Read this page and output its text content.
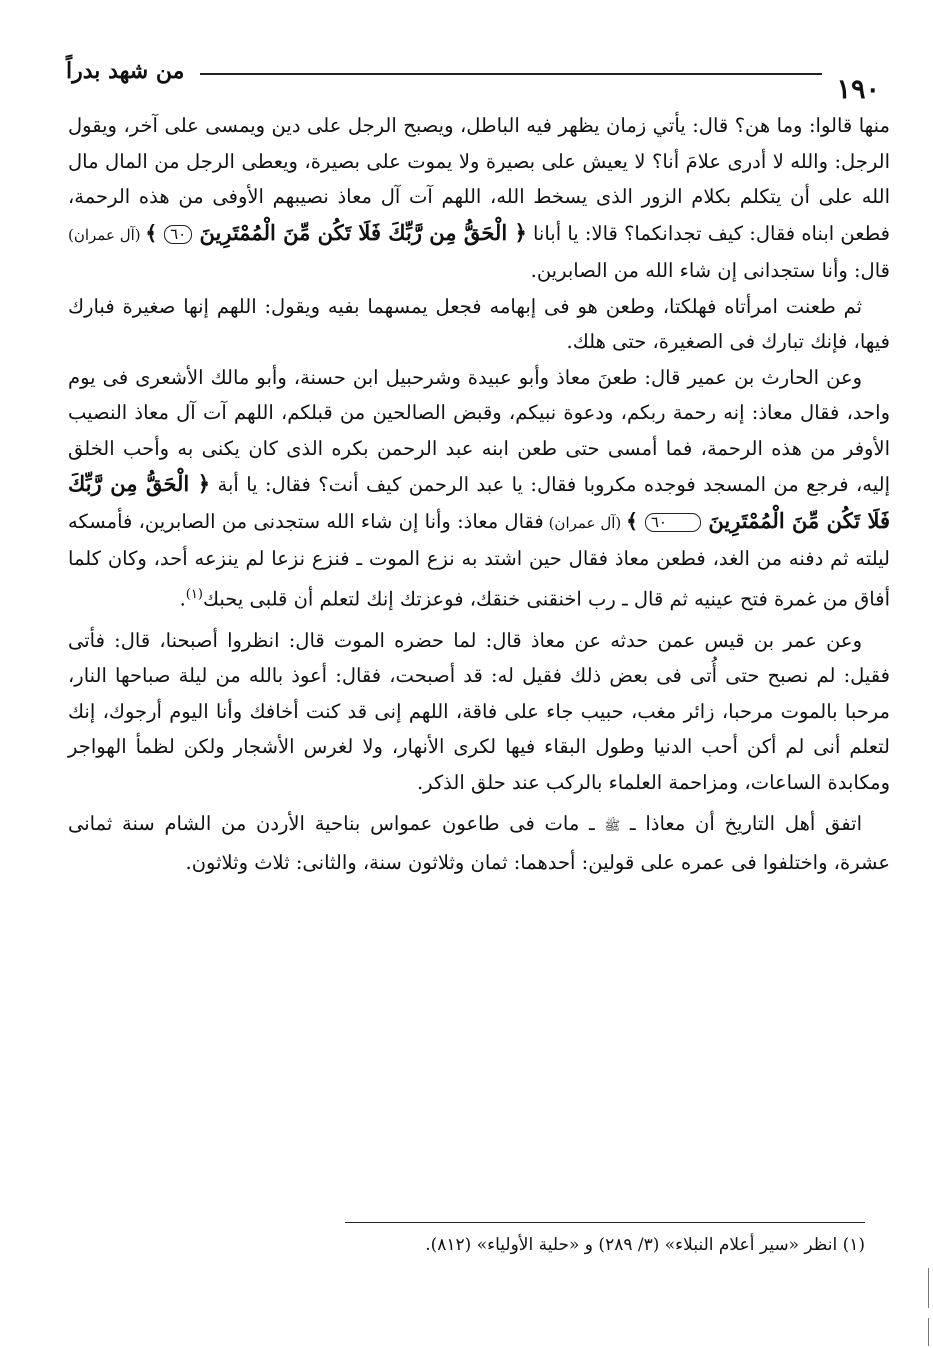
١٩٠
من شهد بدراً

منها قالوا: وما هن؟ قال: يأتي زمان يظهر فيه الباطل، ويصبح الرجل على دين ويمسى على آخر، ويقول الرجل: والله لا أدرى علامَ أنا؟ لا يعيش على بصيرة ولا يموت على بصيرة، ويعطى الرجل من المال مال الله على أن يتكلم بكلام الزور الذى يسخط الله، اللهم آت آل معاذ نصيبهم الأوفى من هذه الرحمة، فطعن ابناه فقال: كيف تجدانكما؟ قالا: يا أبانا ﴿ الْحَقُّ مِن رَّبِّكَ فَلَا تَكُن مِّنَ الْمُمْتَرِينَ ٦٠ ﴾ (آل عمران) قال: وأنا ستجدانى إن شاء الله من الصابرين.

ثم طعنت امرأتاه فهلكتا، وطعن هو فى إبهامه فجعل يمسهما بفيه ويقول: اللهم إنها صغيرة فبارك فيها، فإنك تبارك فى الصغيرة، حتى هلك.

وعن الحارث بن عمير قال: طعنَ معاذ وأبو عبيدة وشرحبيل ابن حسنة، وأبو مالك الأشعرى فى يوم واحد، فقال معاذ: إنه رحمة ربكم، ودعوة نبيكم، وقبض الصالحين من قبلكم، اللهم آت آل معاذ النصيب الأوفر من هذه الرحمة، فما أمسى حتى طعن ابنه عبد الرحمن بكره الذى كان يكنى به وأحب الخلق إليه، فرجع من المسجد فوجده مكروبا فقال: يا عبد الرحمن كيف أنت؟ فقال: يا أبة ﴿ الْحَقُّ مِن رَّبِّكَ فَلَا تَكُن مِّنَ الْمُمْتَرِينَ ٦٠ ﴾ (آل عمران) فقال معاذ: وأنا إن شاء الله ستجدنى من الصابرين، فأمسكه ليلته ثم دفنه من الغد، فطعن معاذ فقال حين اشتد به نزع الموت ـ فنزع نزعا لم ينزعه أحد، وكان كلما أفاق من غمرة فتح عينيه ثم قال ـ رب اخنقنى خنقك، فوعزتك إنك لتعلم أن قلبى يحبك$^{(١)}$.

وعن عمر بن قيس عمن حدثه عن معاذ قال: لما حضره الموت قال: انظروا أصبحنا، قال: فأتى فقيل: لم نصبح حتى أُتى فى بعض ذلك فقيل له: قد أصبحت، فقال: أعوذ بالله من ليلة صباحها النار، مرحبا بالموت مرحبا، زائر مغب، حبيب جاء على فاقة، اللهم إنى قد كنت أخافك وأنا اليوم أرجوك، إنك لتعلم أنى لم أكن أحب الدنيا وطول البقاء فيها لكرى الأنهار، ولا لغرس الأشجار ولكن لظمأ الهواجر ومكابدة الساعات، ومزاحمة العلماء بالركب عند حلق الذكر.

اتفق أهل التاريخ أن معاذا ـ ﷺ ـ مات فى طاعون عمواس بناحية الأردن من الشام سنة ثمانى عشرة، واختلفوا فى عمره على قولين: أحدهما: ثمان وثلاثون سنة، والثانى: ثلاث وثلاثون.

(١) انظر «سير أعلام النبلاء» (٣/ ٢٨٩) و «حلية الأولياء» (٨١٢).
